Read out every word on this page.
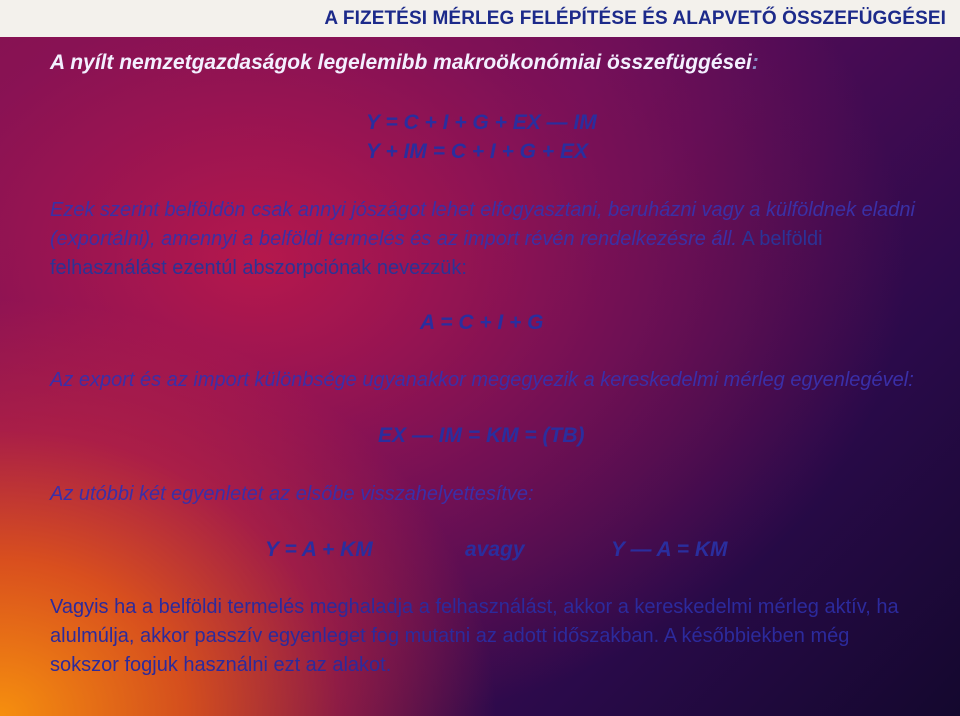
A FIZETÉSI MÉRLEG FELÉPÍTÉSE ÉS ALAPVETŐ ÖSSZEFÜGGÉSEI

A nyílt nemzetgazdaságok legelemibb makroökonómiai összefüggései:

Y = C + I + G + EX — IM
Y + IM = C + I + G + EX

Ezek szerint belföldön csak annyi jószágot lehet elfogyasztani, beruházni vagy a külföldnek eladni (exportálni), amennyi a belföldi termelés és az import révén rendelkezésre áll. A belföldi felhasználást ezentúl abszorpciónak nevezzük:

A = C + I + G

Az export és az import különbsége ugyanakkor megegyezik a kereskedelmi mérleg egyenlegével:

EX — IM = KM = (TB)

Az utóbbi két egyenletet az elsőbe visszahelyettesítve:

Y = A + KM	avagy	Y — A = KM

Vagyis ha a belföldi termelés meghaladja a felhasználást, akkor a kereskedelmi mérleg aktív, ha alulmúlja, akkor passzív egyenleget fog mutatni az adott időszakban. A későbbiekben még sokszor fogjuk használni ezt az alakot.
